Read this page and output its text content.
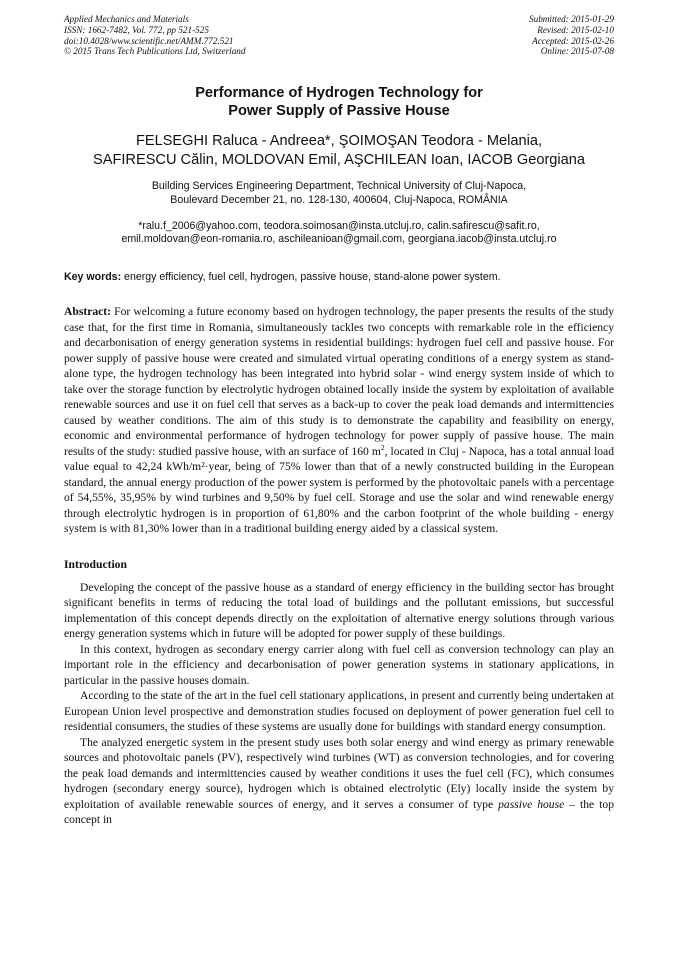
Applied Mechanics and Materials
ISSN: 1662-7482, Vol. 772, pp 521-525
doi:10.4028/www.scientific.net/AMM.772.521
© 2015 Trans Tech Publications Ltd, Switzerland
Submitted: 2015-01-29
Revised: 2015-02-10
Accepted: 2015-02-26
Online: 2015-07-08
Performance of Hydrogen Technology for
Power Supply of Passive House
FELSEGHI Raluca - Andreea*, ŞOIMOŞAN Teodora - Melania,
SAFIRESCU Călin, MOLDOVAN Emil, AŞCHILEAN Ioan, IACOB Georgiana
Building Services Engineering Department, Technical University of Cluj-Napoca,
Boulevard December 21, no. 128-130, 400604, Cluj-Napoca, ROMÂNIA
*ralu.f_2006@yahoo.com, teodora.soimosan@insta.utcluj.ro, calin.safirescu@safit.ro,
emil.moldovan@eon-romania.ro, aschileanioan@gmail.com, georgiana.iacob@insta.utcluj.ro
Key words: energy efficiency, fuel cell, hydrogen, passive house, stand-alone power system.

Abstract: For welcoming a future economy based on hydrogen technology, the paper presents the results of the study case that, for the first time in Romania, simultaneously tackles two concepts with remarkable role in the efficiency and decarbonisation of energy generation systems in residential buildings: hydrogen fuel cell and passive house. For power supply of passive house were created and simulated virtual operating conditions of a energy system as stand-alone type, the hydrogen technology has been integrated into hybrid solar - wind energy system inside of which to take over the storage function by electrolytic hydrogen obtained locally inside the system by exploitation of available renewable sources and use it on fuel cell that serves as a back-up to cover the peak load demands and intermittencies caused by weather conditions. The aim of this study is to demonstrate the capability and feasibility on energy, economic and environmental performance of hydrogen technology for power supply of passive house. The main results of the study: studied passive house, with an surface of 160 $m^2$, located in Cluj - Napoca, has a total annual load value equal to 42,24 kWh/m²·year, being of 75% lower than that of a newly constructed building in the European standard, the annual energy production of the power system is performed by the photovoltaic panels with a percentage of 54,55%, 35,95% by wind turbines and 9,50% by fuel cell. Storage and use the solar and wind renewable energy through electrolytic hydrogen is in proportion of 61,80% and the carbon footprint of the whole building - energy system is with 81,30% lower than in a traditional building energy aided by a classical system.

Introduction

Developing the concept of the passive house as a standard of energy efficiency in the building sector has brought significant benefits in terms of reducing the total load of buildings and the pollutant emissions, but successful implementation of this concept depends directly on the exploitation of alternative energy solutions through various energy generation systems which in future will be adopted for power supply of these buildings.

In this context, hydrogen as secondary energy carrier along with fuel cell as conversion technology can play an important role in the efficiency and decarbonisation of power generation systems in stationary applications, in particular in the passive houses domain.

According to the state of the art in the fuel cell stationary applications, in present and currently being undertaken at European Union level prospective and demonstration studies focused on deployment of power generation fuel cell to residential consumers, the studies of these systems are usually done for buildings with standard energy consumption.

The analyzed energetic system in the present study uses both solar energy and wind energy as primary renewable sources and photovoltaic panels (PV), respectively wind turbines (WT) as conversion technologies, and for covering the peak load demands and intermittencies caused by weather conditions it uses the fuel cell (FC), which consumes hydrogen (secondary energy source), hydrogen which is obtained electrolytic (Ely) locally inside the system by exploitation of available renewable sources of energy, and it serves a consumer of type passive house – the top concept in
